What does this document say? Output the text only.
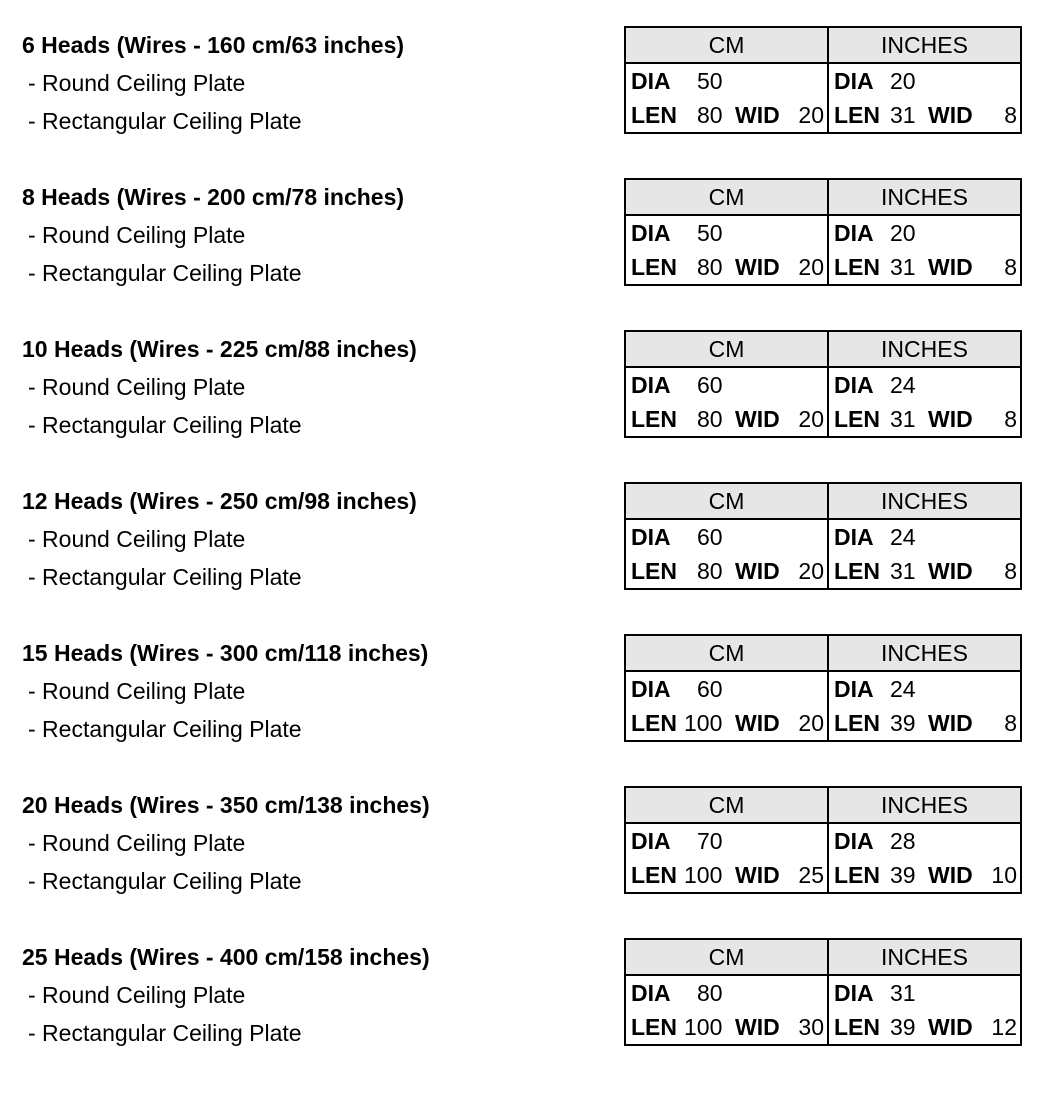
6 Heads (Wires - 160 cm/63 inches)
- Round Ceiling Plate
- Rectangular Ceiling Plate
CM	INCHES

DIA 50	DIA 20

LEN 80 WID 20	LEN 31 WID 8
8 Heads (Wires - 200 cm/78 inches)
- Round Ceiling Plate
- Rectangular Ceiling Plate
CM	INCHES

DIA 50	DIA 20

LEN 80 WID 20	LEN 31 WID 8
10 Heads (Wires - 225 cm/88 inches)
- Round Ceiling Plate
- Rectangular Ceiling Plate
CM	INCHES

DIA 60	DIA 24

LEN 80 WID 20	LEN 31 WID 8
12 Heads (Wires - 250 cm/98 inches)
- Round Ceiling Plate
- Rectangular Ceiling Plate
CM	INCHES

DIA 60	DIA 24

LEN 80 WID 20	LEN 31 WID 8
15 Heads (Wires - 300 cm/118 inches)
- Round Ceiling Plate
- Rectangular Ceiling Plate
CM	INCHES

DIA 60	DIA 24

LEN 100 WID 20	LEN 39 WID 8
20 Heads (Wires - 350 cm/138 inches)
- Round Ceiling Plate
- Rectangular Ceiling Plate
CM	INCHES

DIA 70	DIA 28

LEN 100 WID 25	LEN 39 WID 10
25 Heads (Wires - 400 cm/158 inches)
- Round Ceiling Plate
- Rectangular Ceiling Plate
CM	INCHES

DIA 80	DIA 31

LEN 100 WID 30	LEN 39 WID 12
